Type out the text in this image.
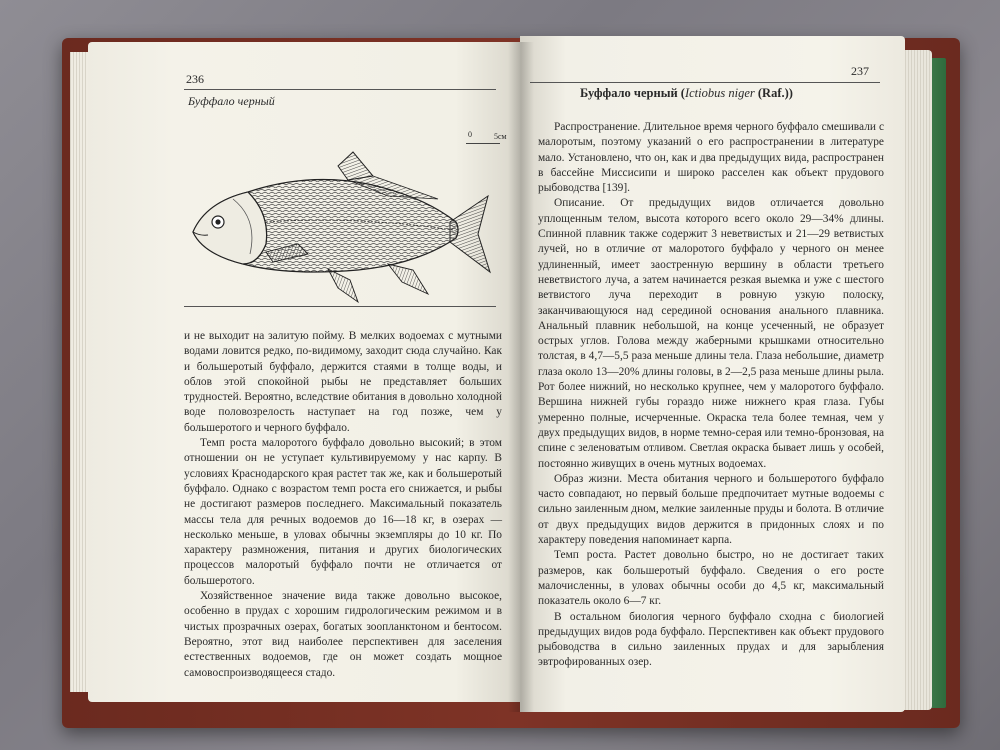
236
Буффало черный
0	5см

и не выходит на залитую пойму. В мелких водоемах с мутными водами ловится редко, по-видимому, заходит сюда случайно. Как и большеротый буффало, держится стаями в толще воды, и облов этой спокойной рыбы не представляет больших трудностей. Вероятно, вследствие обитания в довольно холодной воде половозрелость наступает на год позже, чем у большеротого и черного буффало.

Темп роста малоротого буффало довольно высокий; в этом отношении он не уступает культивируемому у нас карпу. В условиях Краснодарского края растет так же, как и большеротый буффало. Однако с возрастом темп роста его снижается, и рыбы не достигают размеров последнего. Максимальный показатель массы тела для речных водоемов до 16—18 кг, в озерах — несколько меньше, в уловах обычны экземпляры до 10 кг. По характеру размножения, питания и других биологических процессов малоротый буффало почти не отличается от большеротого.

Хозяйственное значение вида также довольно высокое, особенно в прудах с хорошим гидрологическим режимом и в чистых прозрачных озерах, богатых зоопланктоном и бентосом. Вероятно, этот вид наиболее перспективен для заселения естественных водоемов, где он может создать мощное самовоспроизводящееся стадо.

237
Буффало черный (Ictiobus niger (Raf.))

Распространение. Длительное время черного буффало смешивали с малоротым, поэтому указаний о его распространении в литературе мало. Установлено, что он, как и два предыдущих вида, распространен в бассейне Миссисипи и широко расселен как объект прудового рыбоводства [139].

Описание. От предыдущих видов отличается довольно уплощенным телом, высота которого всего около 29—34% длины. Спинной плавник также содержит 3 неветвистых и 21—29 ветвистых лучей, но в отличие от малоротого буффало у черного он менее удлиненный, имеет заостренную вершину в области третьего неветвистого луча, а затем начинается резкая выемка и уже с шестого ветвистого луча переходит в ровную узкую полоску, заканчивающуюся над серединой основания анального плавника. Анальный плавник небольшой, на конце усеченный, не образует острых углов. Голова между жаберными крышками относительно толстая, в 4,7—5,5 раза меньше длины тела. Глаза небольшие, диаметр глаза около 13—20% длины головы, в 2—2,5 раза меньше длины рыла. Рот более нижний, но несколько крупнее, чем у малоротого буффало. Вершина нижней губы гораздо ниже нижнего края глаза. Губы умеренно полные, исчерченные. Окраска тела более темная, чем у двух предыдущих видов, в норме темно-серая или темно-бронзовая, на спине с зеленоватым отливом. Светлая окраска бывает лишь у особей, постоянно живущих в очень мутных водоемах.

Образ жизни. Места обитания черного и большеротого буффало часто совпадают, но первый больше предпочитает мутные водоемы с сильно заиленным дном, мелкие заиленные пруды и болота. В отличие от двух предыдущих видов держится в придонных слоях и по характеру поведения напоминает карпа.

Темп роста. Растет довольно быстро, но не достигает таких размеров, как большеротый буффало. Сведения о его росте малочисленны, в уловах обычны особи до 4,5 кг, максимальный показатель около 6—7 кг.

В остальном биология черного буффало сходна с биологией предыдущих видов рода буффало. Перспективен как объект прудового рыбоводства в сильно заиленных прудах и для зарыбления эвтрофированных озер.
